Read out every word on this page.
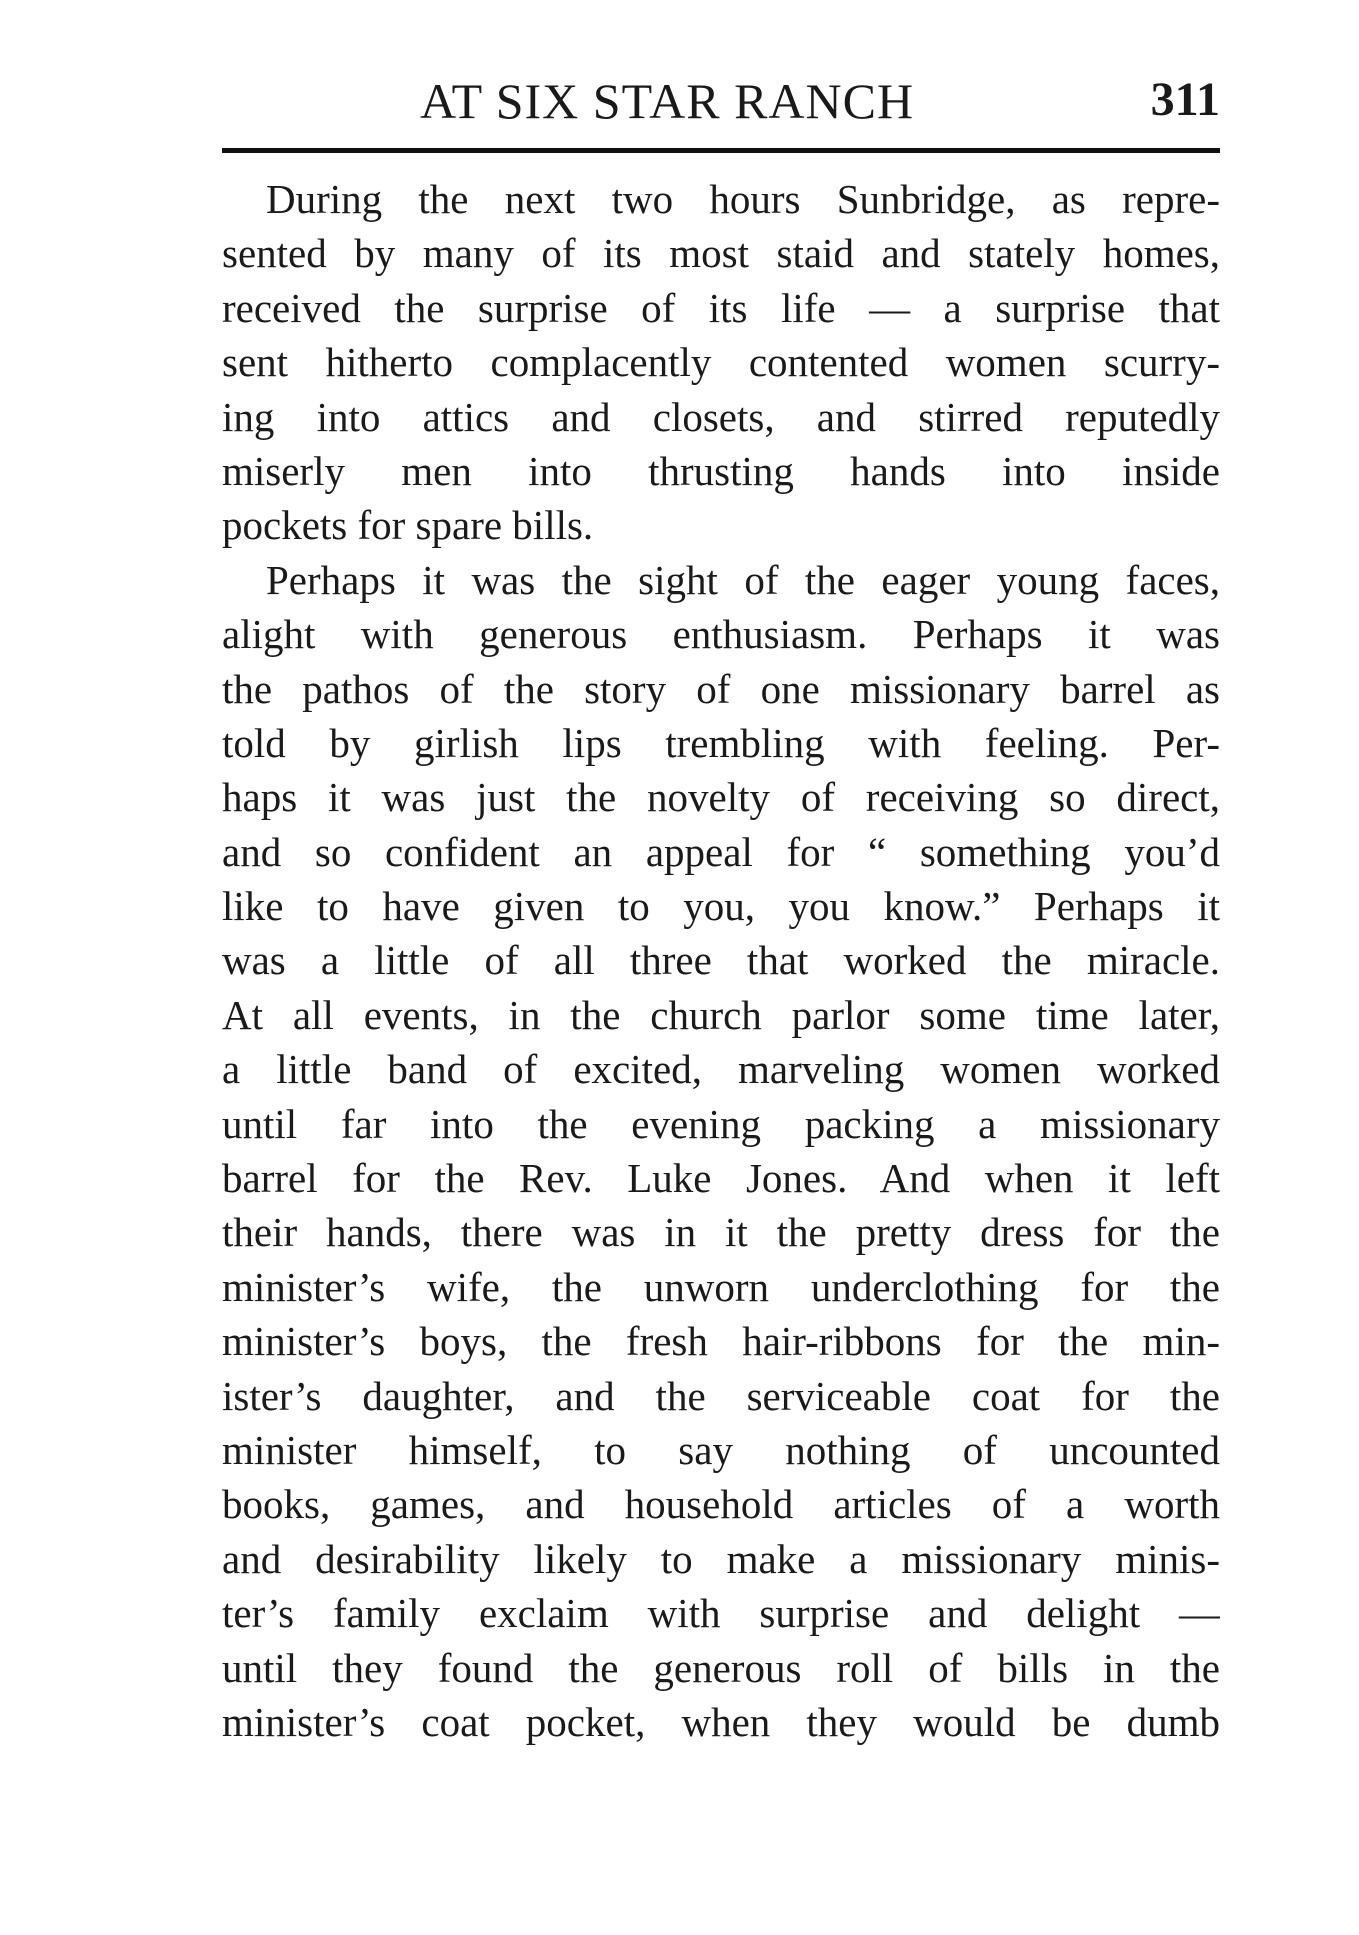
AT SIX STAR RANCH	311
During the next two hours Sunbridge, as repre-
sented by many of its most staid and stately homes,
received the surprise of its life — a surprise that
sent hitherto complacently contented women scurry-
ing into attics and closets, and stirred reputedly
miserly men into thrusting hands into inside
pockets for spare bills.
Perhaps it was the sight of the eager young faces,
alight with generous enthusiasm. Perhaps it was
the pathos of the story of one missionary barrel as
told by girlish lips trembling with feeling. Per-
haps it was just the novelty of receiving so direct,
and so confident an appeal for “ something you’d
like to have given to you, you know.” Perhaps it
was a little of all three that worked the miracle.
At all events, in the church parlor some time later,
a little band of excited, marveling women worked
until far into the evening packing a missionary
barrel for the Rev. Luke Jones. And when it left
their hands, there was in it the pretty dress for the
minister’s wife, the unworn underclothing for the
minister’s boys, the fresh hair-ribbons for the min-
ister’s daughter, and the serviceable coat for the
minister himself, to say nothing of uncounted
books, games, and household articles of a worth
and desirability likely to make a missionary minis-
ter’s family exclaim with surprise and delight —
until they found the generous roll of bills in the
minister’s coat pocket, when they would be dumb
